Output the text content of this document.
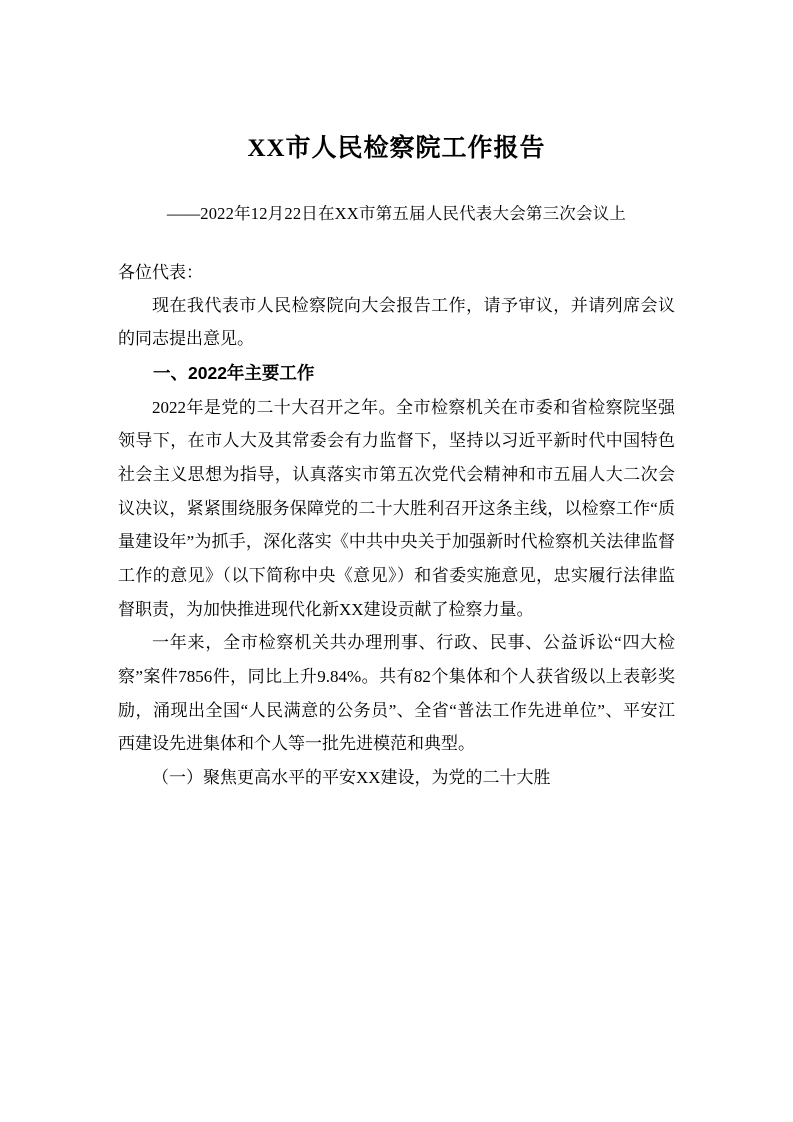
XX市人民检察院工作报告
——2022年12月22日在XX市第五届人民代表大会第三次会议上
各位代表：

现在我代表市人民检察院向大会报告工作，请予审议，并请列席会议的同志提出意见。

一、2022年主要工作

2022年是党的二十大召开之年。全市检察机关在市委和省检察院坚强领导下，在市人大及其常委会有力监督下，坚持以习近平新时代中国特色社会主义思想为指导，认真落实市第五次党代会精神和市五届人大二次会议决议，紧紧围绕服务保障党的二十大胜利召开这条主线，以检察工作“质量建设年”为抓手，深化落实《中共中央关于加强新时代检察机关法律监督工作的意见》（以下简称中央《意见》）和省委实施意见，忠实履行法律监督职责，为加快推进现代化新XX建设贡献了检察力量。

一年来，全市检察机关共办理刑事、行政、民事、公益诉讼“四大检察”案件7856件，同比上升9.84%。共有82个集体和个人获省级以上表彰奖励，涌现出全国“人民满意的公务员”、全省“普法工作先进单位”、平安江西建设先进集体和个人等一批先进模范和典型。

（一）聚焦更高水平的平安XX建设，为党的二十大胜
